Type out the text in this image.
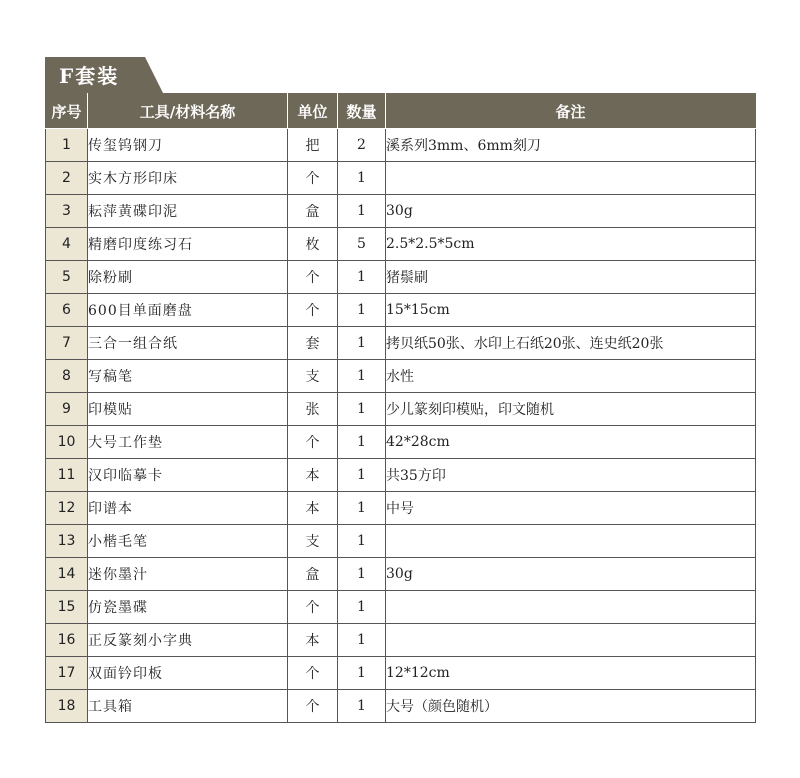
F套装
序号	工具/材料名称	单位	数量	备注
1	传玺钨钢刀	把	2	溪系列3mm、6mm刻刀
2	实木方形印床	个	1	
3	耘萍黄碟印泥	盒	1	30g
4	精磨印度练习石	枚	5	2.5*2.5*5cm
5	除粉刷	个	1	猪鬃刷
6	600目单面磨盘	个	1	15*15cm
7	三合一组合纸	套	1	拷贝纸50张、水印上石纸20张、连史纸20张
8	写稿笔	支	1	水性
9	印模贴	张	1	少儿篆刻印模贴，印文随机
10	大号工作垫	个	1	42*28cm
11	汉印临摹卡	本	1	共35方印
12	印谱本	本	1	中号
13	小楷毛笔	支	1	
14	迷你墨汁	盒	1	30g
15	仿瓷墨碟	个	1	
16	正反篆刻小字典	本	1	
17	双面钤印板	个	1	12*12cm
18	工具箱	个	1	大号（颜色随机）
